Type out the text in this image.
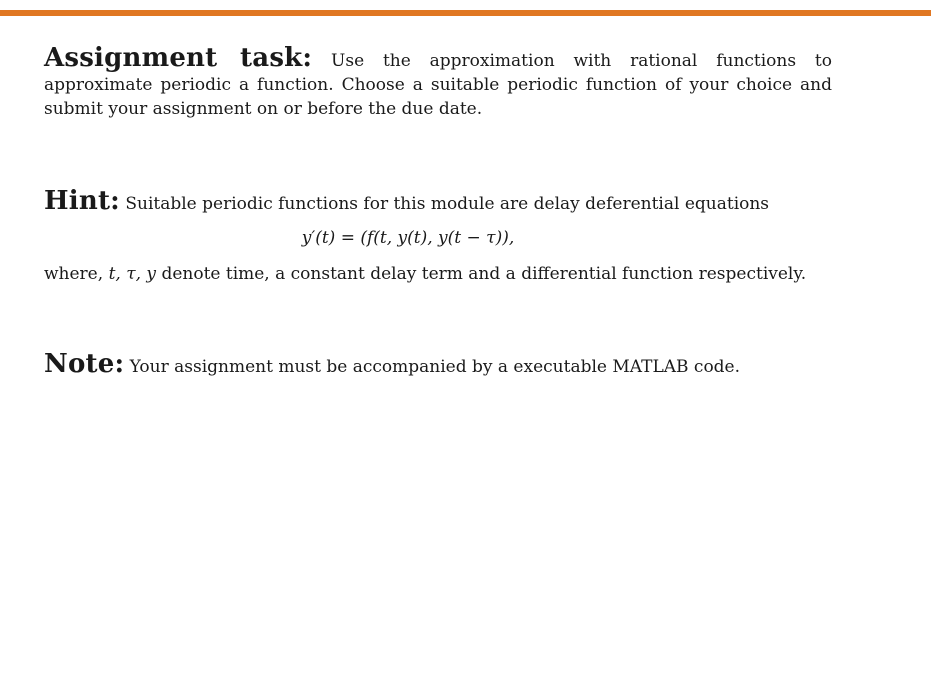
Assignment task: Use the approximation with rational functions to approximate periodic a function. Choose a suitable periodic function of your choice and submit your assignment on or before the due date.

Hint: Suitable periodic functions for this module are delay deferential equations

y′(t) = (f(t, y(t), y(t − τ)),

where, t, τ, y denote time, a constant delay term and a differential function respectively.

Note: Your assignment must be accompanied by a executable MATLAB code.
